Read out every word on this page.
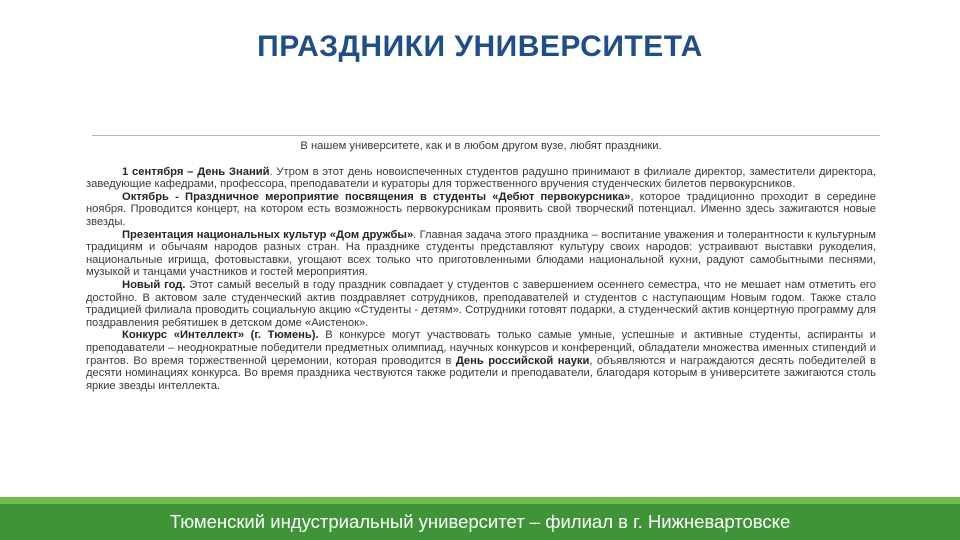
ПРАЗДНИКИ УНИВЕРСИТЕТА

В нашем университете, как и в любом другом вузе, любят праздники.

1 сентября – День Знаний. Утром в этот день новоиспеченных студентов радушно принимают в филиале директор, заместители директора, заведующие кафедрами, профессора, преподаватели и кураторы для торжественного вручения студенческих билетов первокурсников.

Октябрь - Праздничное мероприятие посвящения в студенты «Дебют первокурсника», которое традиционно проходит в середине ноября. Проводится концерт, на котором есть возможность первокурсникам проявить свой творческий потенциал. Именно здесь зажигаются новые звезды.

Презентация национальных культур «Дом дружбы». Главная задача этого праздника – воспитание уважения и толерантности к культурным традициям и обычаям народов разных стран. На празднике студенты представляют культуру своих народов: устраивают выставки рукоделия, национальные игрища, фотовыставки, угощают всех только что приготовленными блюдами национальной кухни, радуют самобытными песнями, музыкой и танцами участников и гостей мероприятия.

Новый год. Этот самый веселый в году праздник совпадает у студентов с завершением осеннего семестра, что не мешает нам отметить его достойно. В актовом зале студенческий актив поздравляет сотрудников, преподавателей и студентов с наступающим Новым годом. Также стало традицией филиала проводить социальную акцию «Студенты - детям». Сотрудники готовят подарки, а студенческий актив концертную программу для поздравления ребятишек в детском доме «Аистенок».

Конкурс «Интеллект» (г. Тюмень). В конкурсе могут участвовать только самые умные, успешные и активные студенты, аспиранты и преподаватели – неоднократные победители предметных олимпиад, научных конкурсов и конференций, обладатели множества именных стипендий и грантов. Во время торжественной церемонии, которая проводится в День российской науки, объявляются и награждаются десять победителей в десяти номинациях конкурса. Во время праздника чествуются также родители и преподаватели, благодаря которым в университете зажигаются столь яркие звезды интеллекта.

Тюменский индустриальный университет – филиал в г. Нижневартовске
